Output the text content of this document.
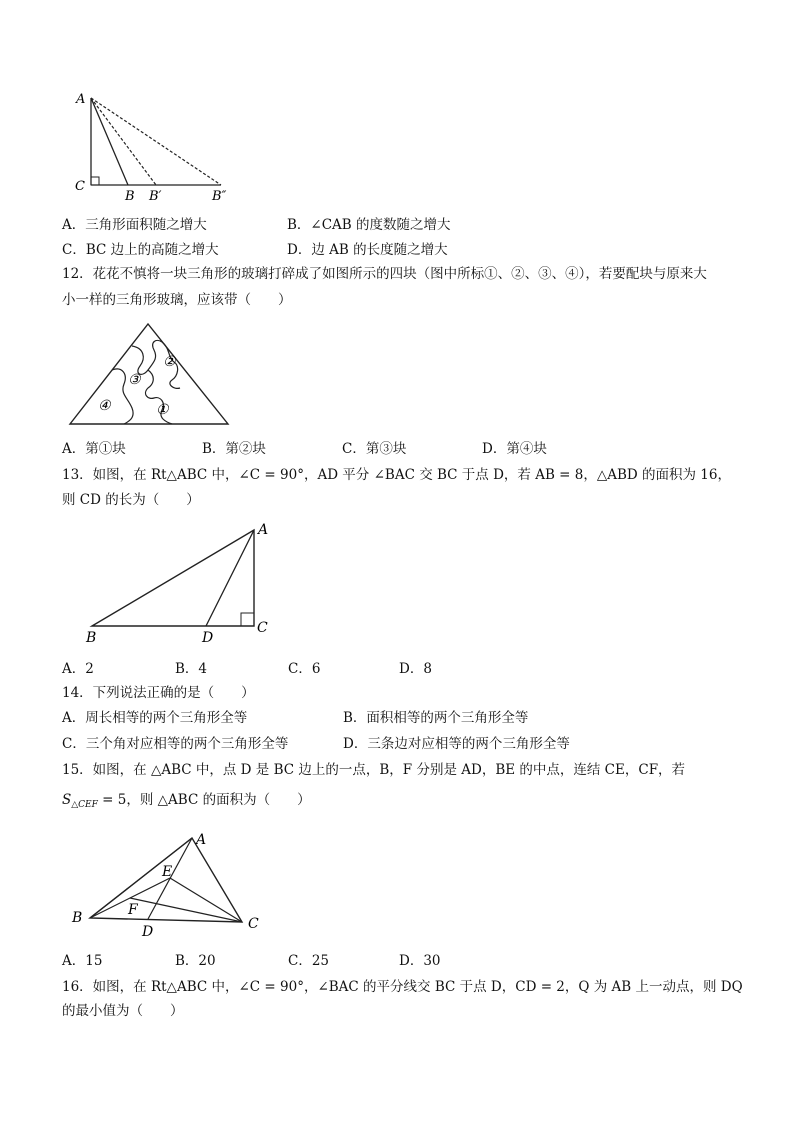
A
C
B B′	B″
A．三角形面积随之增大	B．∠CAB 的度数随之增大
C．BC 边上的高随之增大	D．边 AB 的长度随之增大
12．花花不慎将一块三角形的玻璃打碎成了如图所示的四块（图中所标①、②、③、④），若要配块与原来大
小一样的三角形玻璃，应该带（　　）
②
③
④	①
A．第①块	B．第②块	C．第③块	D．第④块
13．如图，在 Rt△ABC 中，∠C = 90°，AD 平分 ∠BAC 交 BC 于点 D，若 AB = 8，△ABD 的面积为 16，
则 CD 的长为（　　）
A
B	D
C
A．2	B．4	C．6	D．8
14．下列说法正确的是（　　）
A．周长相等的两个三角形全等	B．面积相等的两个三角形全等
C．三个角对应相等的两个三角形全等	D．三条边对应相等的两个三角形全等
15．如图，在 △ABC 中，点 D 是 BC 边上的一点，B，F 分别是 AD，BE 的中点，连结 CE，CF，若
$S_{\triangle CEF} = 5$，则 △ABC 的面积为（　　）
A
E
F
B	C
D
A．15	B．20	C．25	D．30
16．如图，在 Rt△ABC 中，∠C = 90°，∠BAC 的平分线交 BC 于点 D，CD = 2，Q 为 AB 上一动点，则 DQ
的最小值为（　　）
